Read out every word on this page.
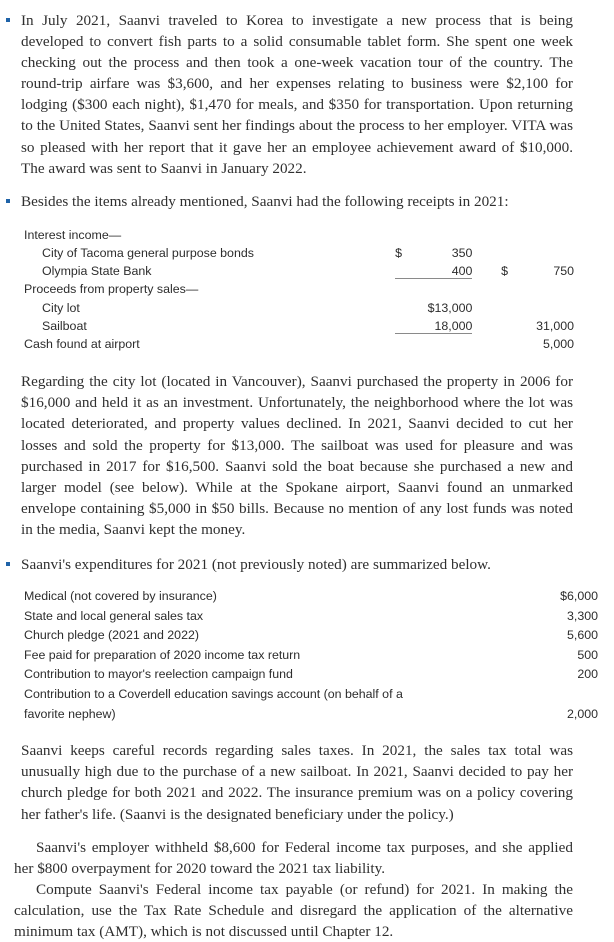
In July 2021, Saanvi traveled to Korea to investigate a new process that is being developed to convert fish parts to a solid consumable tablet form. She spent one week checking out the process and then took a one-week vacation tour of the country. The round-trip airfare was $3,600, and her expenses relating to business were $2,100 for lodging ($300 each night), $1,470 for meals, and $350 for transportation. Upon returning to the United States, Saanvi sent her findings about the process to her employer. VITA was so pleased with her report that it gave her an employee achievement award of $10,000. The award was sent to Saanvi in January 2022.

Besides the items already mentioned, Saanvi had the following receipts in 2021:

Interest income—					
City of Tacoma general purpose bonds	$	350			
Olympia State Bank		400		$	750
Proceeds from property sales—					
City lot		$13,000			
Sailboat		18,000			31,000
Cash found at airport					5,000

Regarding the city lot (located in Vancouver), Saanvi purchased the property in 2006 for $16,000 and held it as an investment. Unfortunately, the neighborhood where the lot was located deteriorated, and property values declined. In 2021, Saanvi decided to cut her losses and sold the property for $13,000. The sailboat was used for pleasure and was purchased in 2017 for $16,500. Saanvi sold the boat because she purchased a new and larger model (see below). While at the Spokane airport, Saanvi found an unmarked envelope containing $5,000 in $50 bills. Because no mention of any lost funds was noted in the media, Saanvi kept the money.

Saanvi's expenditures for 2021 (not previously noted) are summarized below.

Medical (not covered by insurance)	$6,000
State and local general sales tax	3,300
Church pledge (2021 and 2022)	5,600
Fee paid for preparation of 2020 income tax return	500
Contribution to mayor's reelection campaign fund	200
Contribution to a Coverdell education savings account (on behalf of a	
favorite nephew)	2,000

Saanvi keeps careful records regarding sales taxes. In 2021, the sales tax total was unusually high due to the purchase of a new sailboat. In 2021, Saanvi decided to pay her church pledge for both 2021 and 2022. The insurance premium was on a policy covering her father's life. (Saanvi is the designated beneficiary under the policy.)

Saanvi's employer withheld $8,600 for Federal income tax purposes, and she applied her $800 overpayment for 2020 toward the 2021 tax liability.

Compute Saanvi's Federal income tax payable (or refund) for 2021. In making the calculation, use the Tax Rate Schedule and disregard the application of the alternative minimum tax (AMT), which is not discussed until Chapter 12.
